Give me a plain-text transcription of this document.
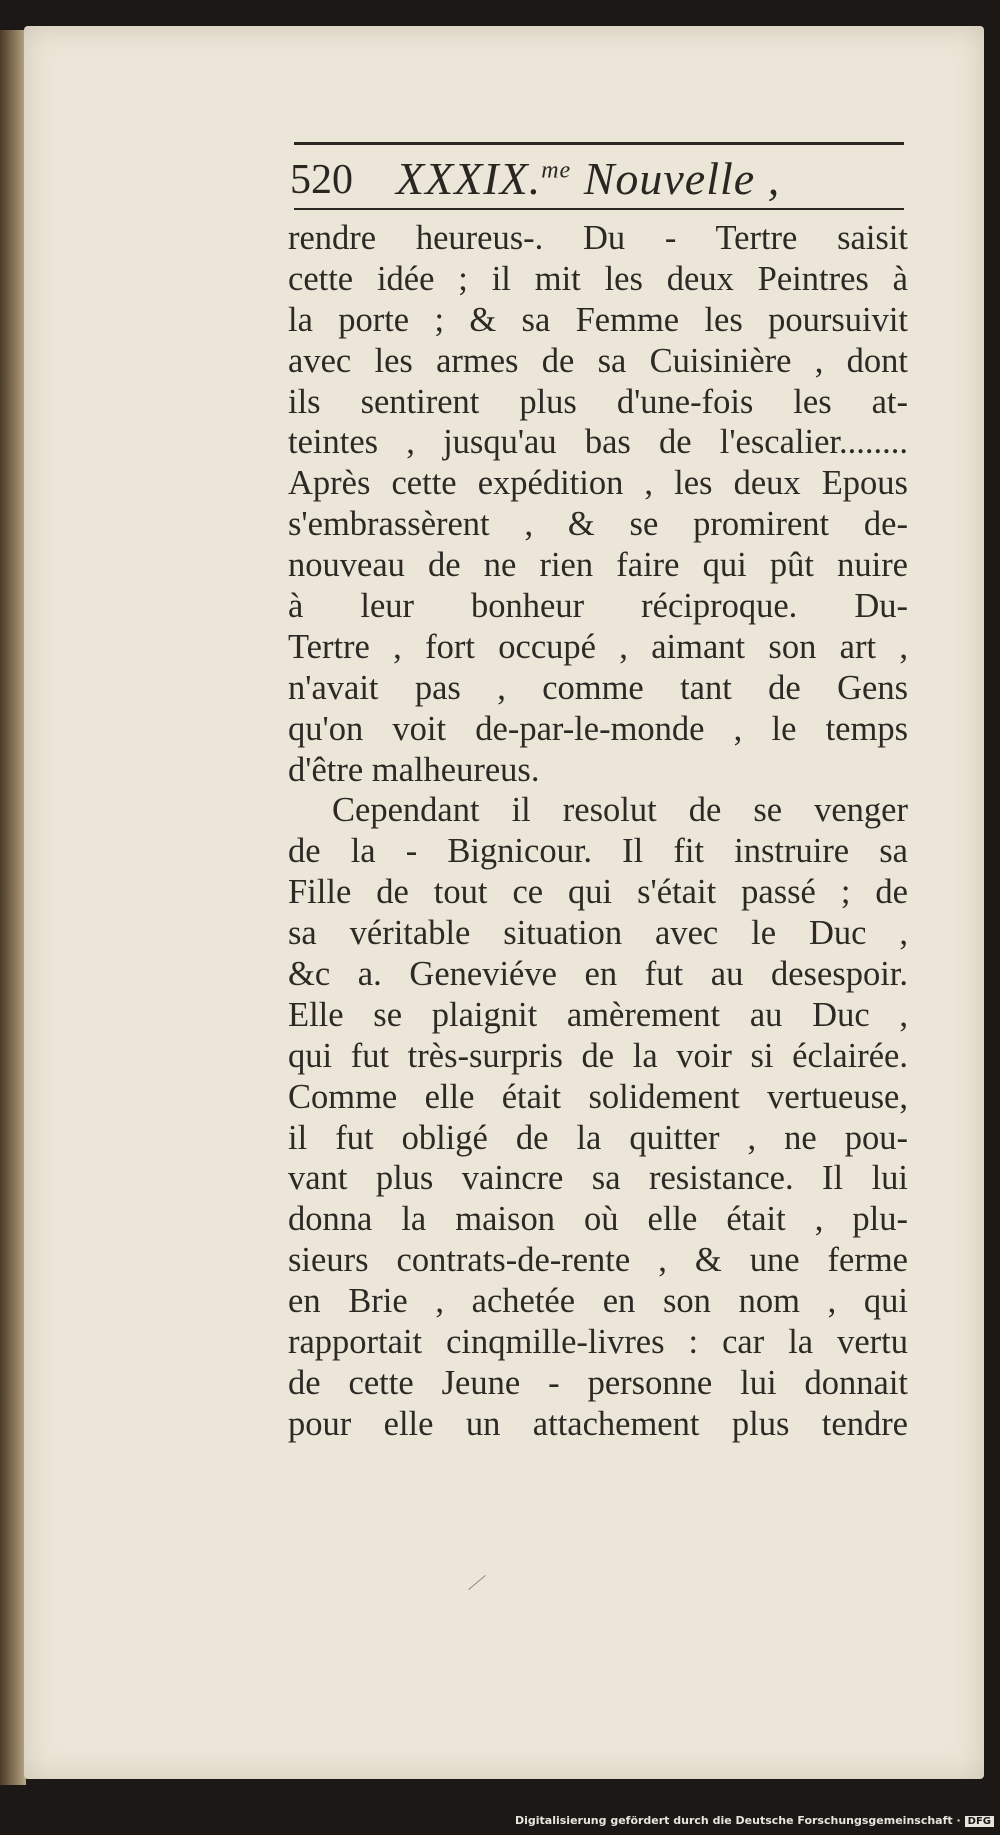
520 XXXIX.$^{me}$ Nouvelle ,
rendre heureus-. Du - Tertre saisit
cette idée ; il mit les deux Peintres à
la porte ; & sa Femme les poursuivit
avec les armes de sa Cuisinière , dont
ils sentirent plus d'une-fois les at-
teintes , jusqu'au bas de l'escalier........
Après cette expédition , les deux Epous
s'embrassèrent , & se promirent de-
nouveau de ne rien faire qui pût nuire
à leur bonheur réciproque. Du-
Tertre , fort occupé , aimant son art ,
n'avait pas , comme tant de Gens
qu'on voit de-par-le-monde , le temps
d'être malheureus.
Cependant il resolut de se venger
de la - Bignicour. Il fit instruire sa
Fille de tout ce qui s'était passé ; de
sa véritable situation avec le Duc ,
&c a. Geneviéve en fut au desespoir.
Elle se plaignit amèrement au Duc ,
qui fut très-surpris de la voir si éclairée.
Comme elle était solidement vertueuse,
il fut obligé de la quitter , ne pou-
vant plus vaincre sa resistance. Il lui
donna la maison où elle était , plu-
sieurs contrats-de-rente , & une ferme
en Brie , achetée en son nom , qui
rapportait cinqmille-livres : car la vertu
de cette Jeune - personne lui donnait
pour elle un attachement plus tendre
Digitalisierung gefördert durch die Deutsche Forschungsgemeinschaft · DFG
